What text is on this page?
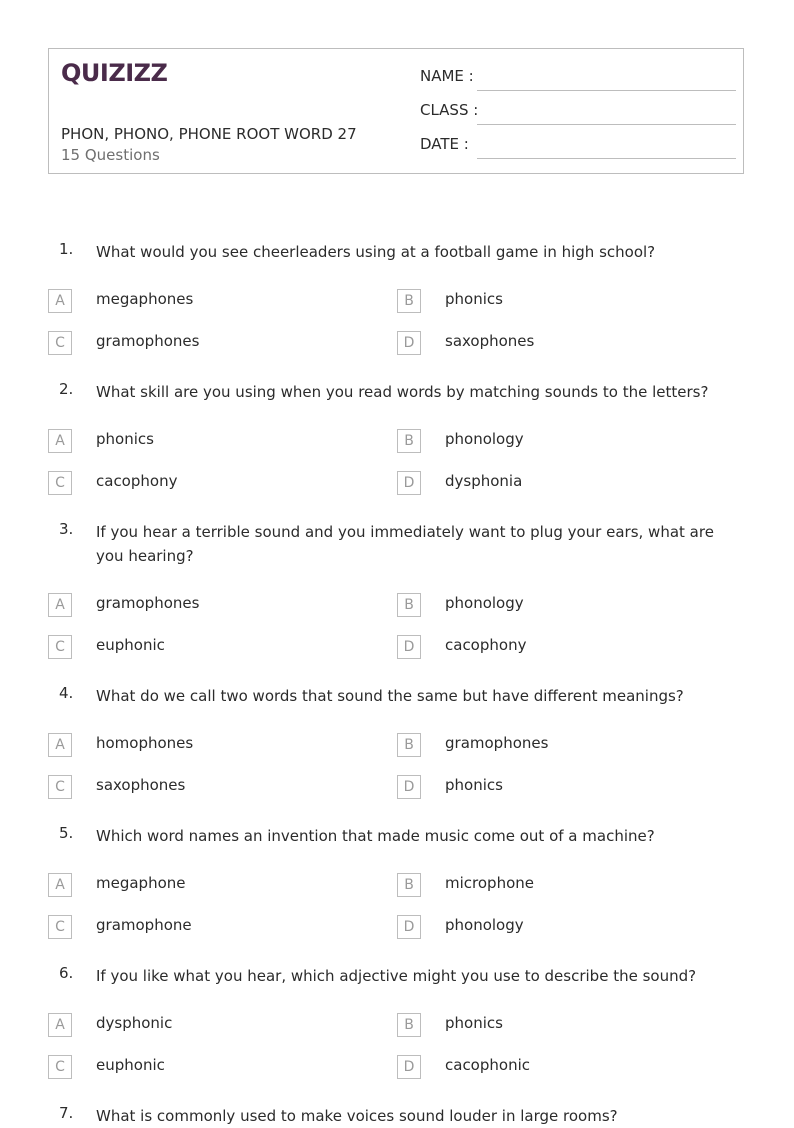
QUIZIZZ
PHON, PHONO, PHONE ROOT WORD 27
15 Questions
NAME :
CLASS :
DATE :
1. What would you see cheerleaders using at a football game in high school?
A	megaphones	B	phonics
C	gramophones	D	saxophones
2. What skill are you using when you read words by matching sounds to the letters?
A	phonics	B	phonology
C	cacophony	D	dysphonia
3. If you hear a terrible sound and you immediately want to plug your ears, what are you hearing?
A	gramophones	B	phonology
C	euphonic	D	cacophony
4. What do we call two words that sound the same but have different meanings?
A	homophones	B	gramophones
C	saxophones	D	phonics
5. Which word names an invention that made music come out of a machine?
A	megaphone	B	microphone
C	gramophone	D	phonology
6. If you like what you hear, which adjective might you use to describe the sound?
A	dysphonic	B	phonics
C	euphonic	D	cacophonic
7. What is commonly used to make voices sound louder in large rooms?
